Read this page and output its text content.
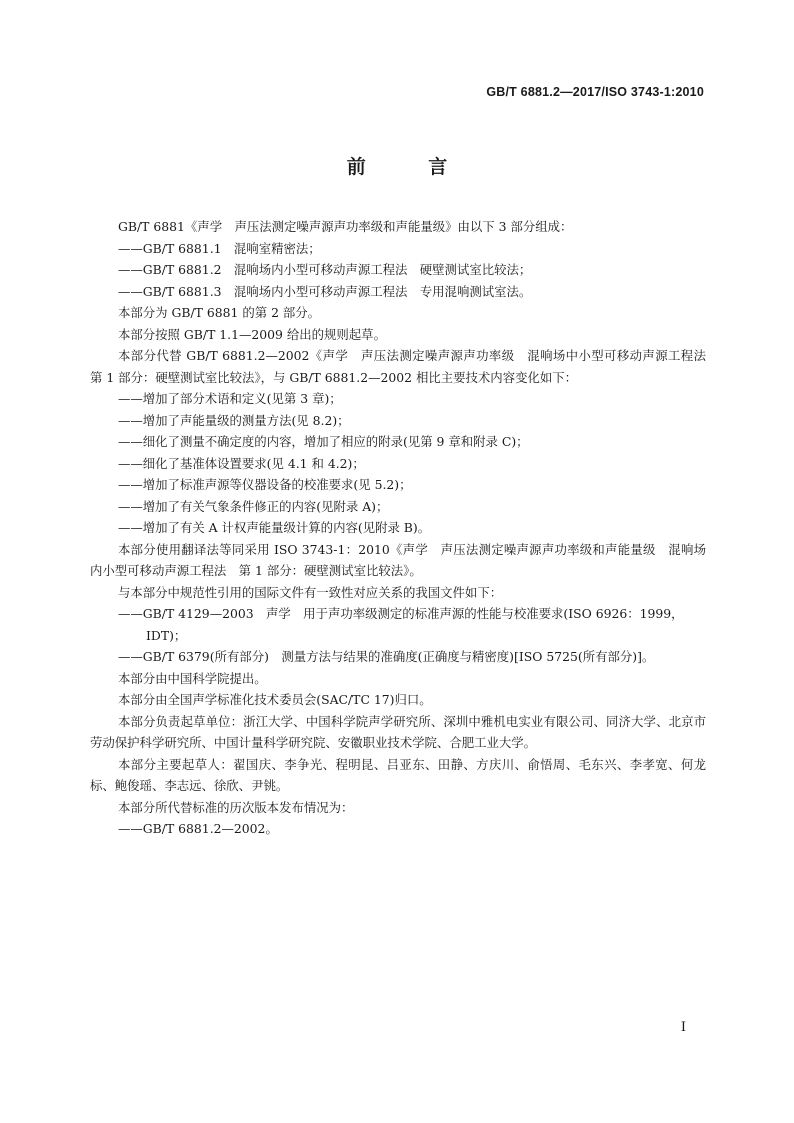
GB/T 6881.2—2017/ISO 3743-1:2010
前 言

GB/T 6881《声学　声压法测定噪声源声功率级和声能量级》由以下 3 部分组成：

——GB/T 6881.1　混响室精密法；

——GB/T 6881.2　混响场内小型可移动声源工程法　硬壁测试室比较法；

——GB/T 6881.3　混响场内小型可移动声源工程法　专用混响测试室法。

本部分为 GB/T 6881 的第 2 部分。

本部分按照 GB/T 1.1—2009 给出的规则起草。

本部分代替 GB/T 6881.2—2002《声学　声压法测定噪声源声功率级　混响场中小型可移动声源工程法　第 1 部分：硬壁测试室比较法》，与 GB/T 6881.2—2002 相比主要技术内容变化如下：

——增加了部分术语和定义(见第 3 章)；

——增加了声能量级的测量方法(见 8.2)；

——细化了测量不确定度的内容，增加了相应的附录(见第 9 章和附录 C)；

——细化了基准体设置要求(见 4.1 和 4.2)；

——增加了标准声源等仪器设备的校准要求(见 5.2)；

——增加了有关气象条件修正的内容(见附录 A)；

——增加了有关 A 计权声能量级计算的内容(见附录 B)。

本部分使用翻译法等同采用 ISO 3743-1：2010《声学　声压法测定噪声源声功率级和声能量级　混响场内小型可移动声源工程法　第 1 部分：硬壁测试室比较法》。

与本部分中规范性引用的国际文件有一致性对应关系的我国文件如下：

——GB/T 4129—2003　声学　用于声功率级测定的标准声源的性能与校准要求(ISO 6926：1999，IDT)；

——GB/T 6379(所有部分)　测量方法与结果的准确度(正确度与精密度)[ISO 5725(所有部分)]。

本部分由中国科学院提出。

本部分由全国声学标准化技术委员会(SAC/TC 17)归口。

本部分负责起草单位：浙江大学、中国科学院声学研究所、深圳中雅机电实业有限公司、同济大学、北京市劳动保护科学研究所、中国计量科学研究院、安徽职业技术学院、合肥工业大学。

本部分主要起草人：翟国庆、李争光、程明昆、吕亚东、田静、方庆川、俞悟周、毛东兴、李孝宽、何龙标、鲍俊瑶、李志远、徐欣、尹铫。

本部分所代替标准的历次版本发布情况为：

——GB/T 6881.2—2002。

I
